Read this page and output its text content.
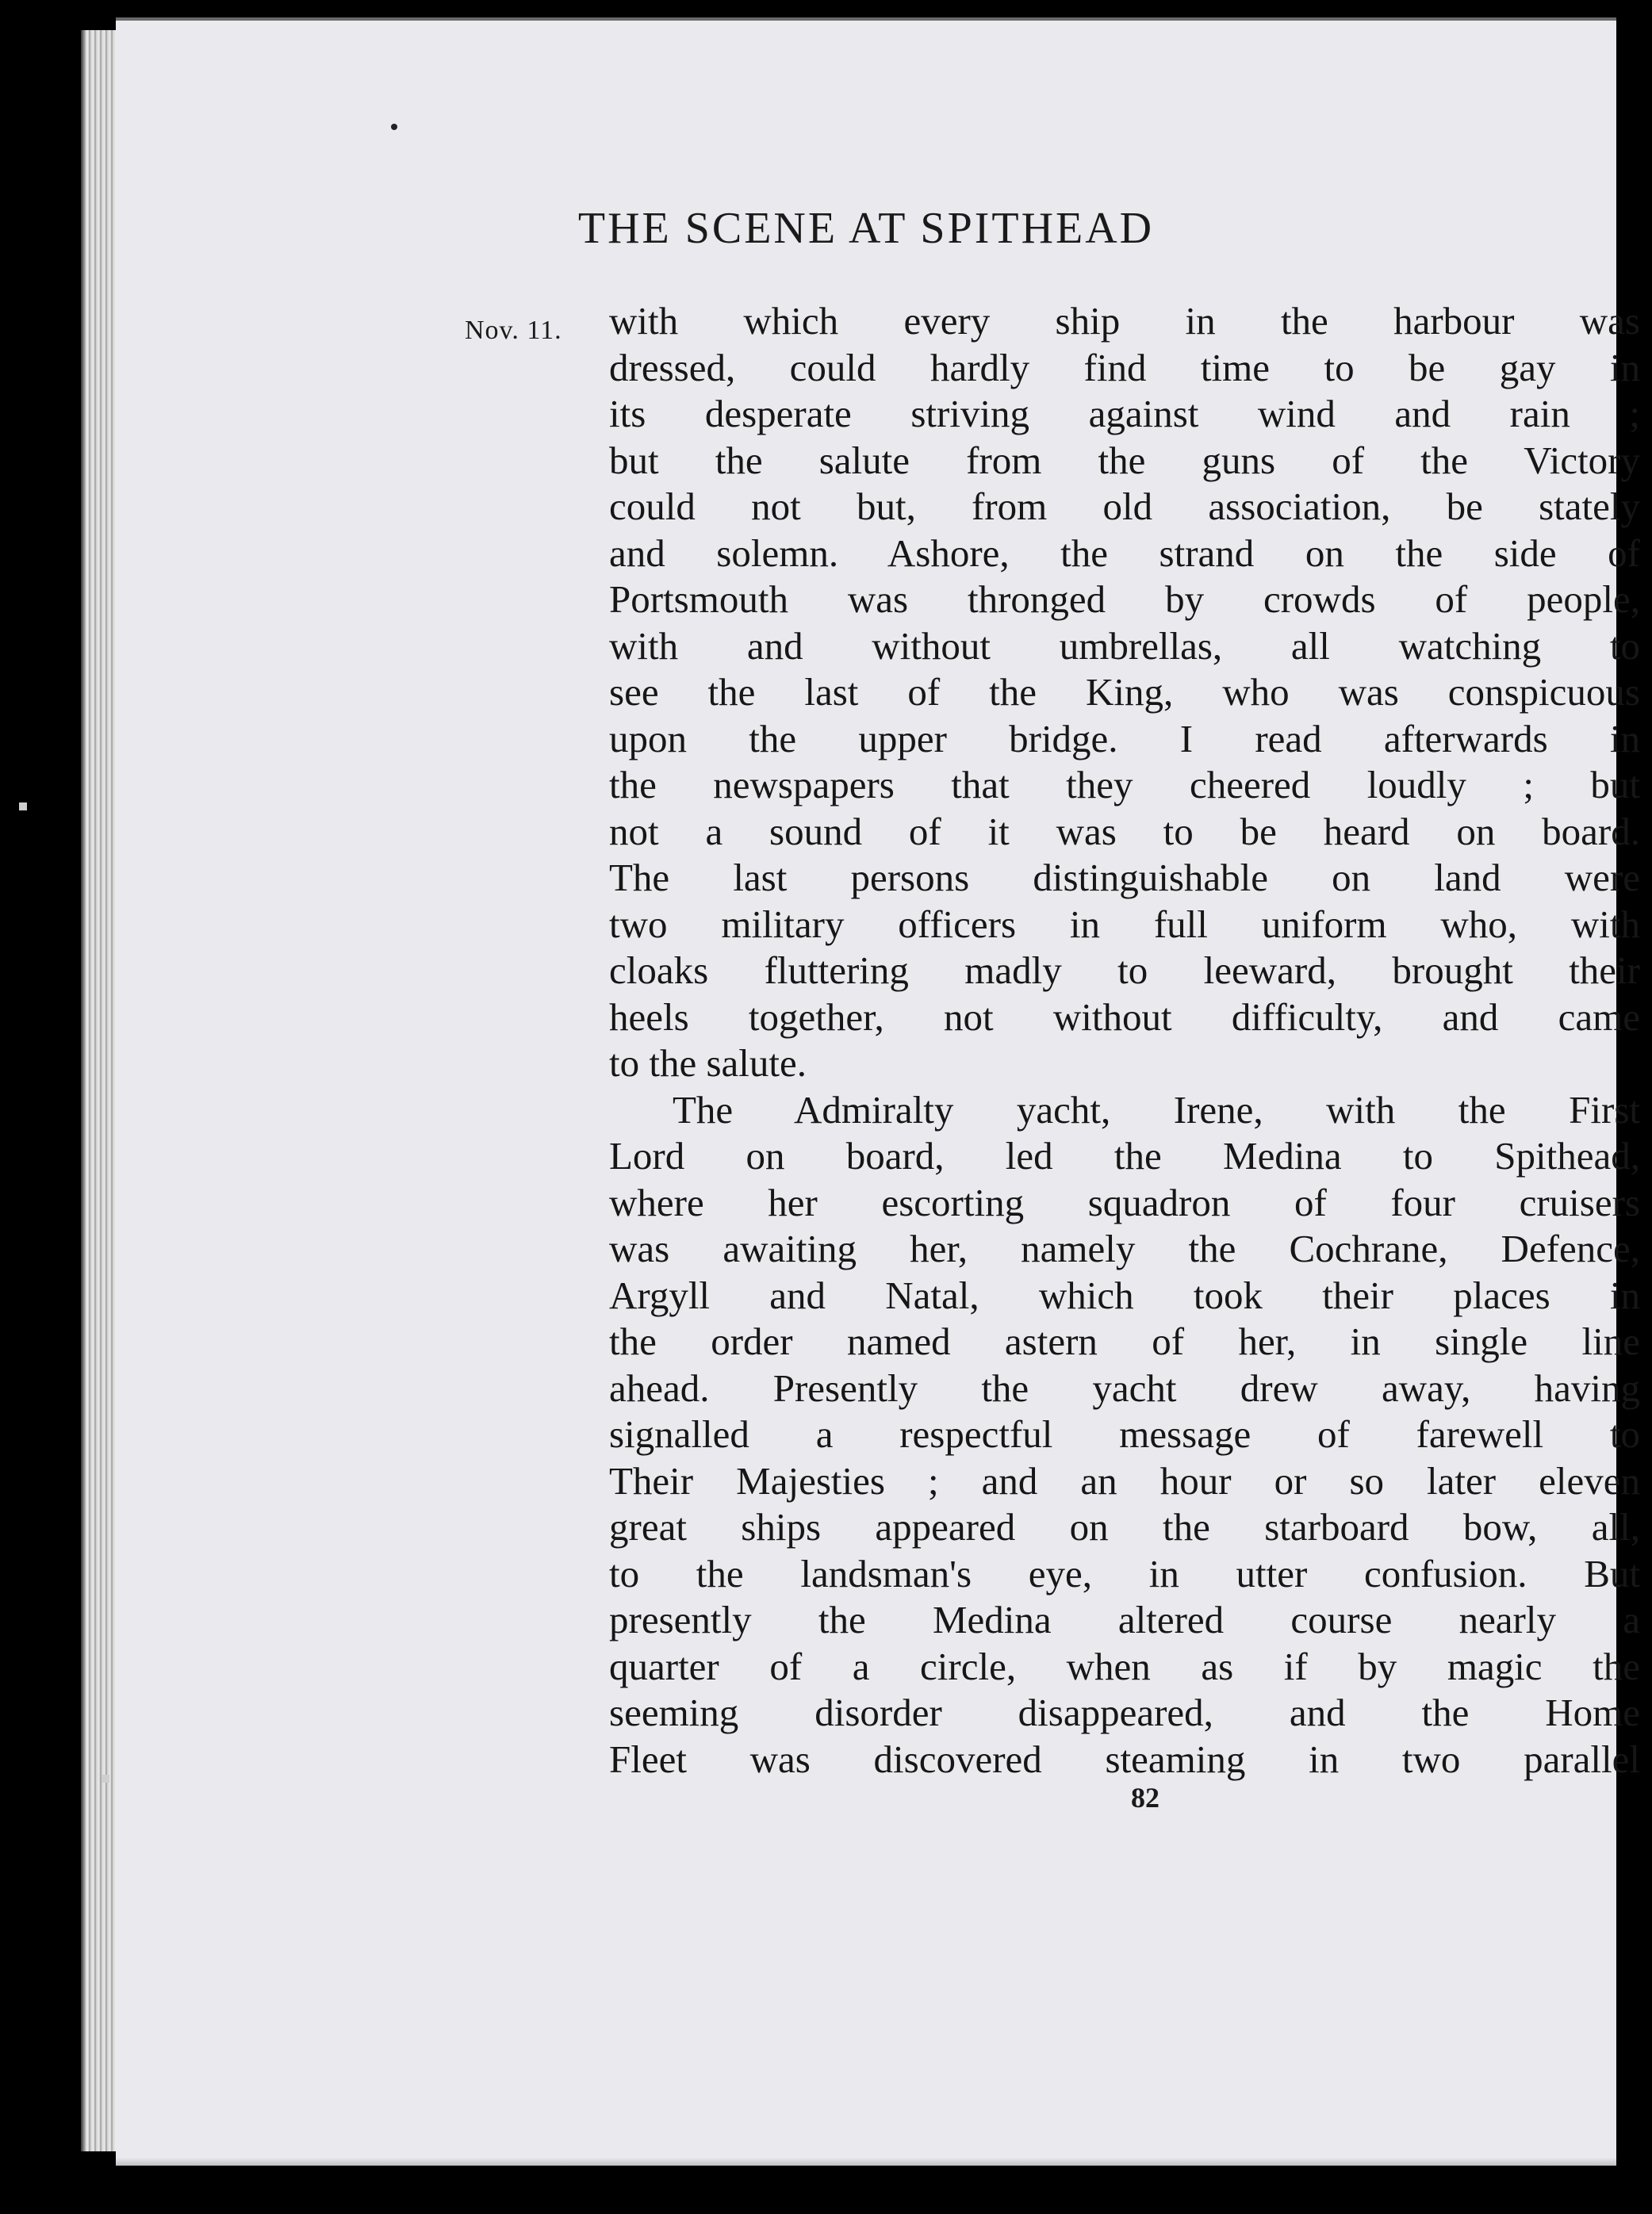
THE SCENE AT SPITHEAD
Nov. 11. with which every ship in the harbour was
dressed, could hardly find time to be gay in
its desperate striving against wind and rain ;
but the salute from the guns of the Victory
could not but, from old association, be stately
and solemn. Ashore, the strand on the side of
Portsmouth was thronged by crowds of people,
with and without umbrellas, all watching to
see the last of the King, who was conspicuous
upon the upper bridge. I read afterwards in
the newspapers that they cheered loudly ; but
not a sound of it was to be heard on board.
The last persons distinguishable on land were
two military officers in full uniform who, with
cloaks fluttering madly to leeward, brought their
heels together, not without difficulty, and came
to the salute.
The Admiralty yacht, Irene, with the First
Lord on board, led the Medina to Spithead,
where her escorting squadron of four cruisers
was awaiting her, namely the Cochrane, Defence,
Argyll and Natal, which took their places in
the order named astern of her, in single line
ahead. Presently the yacht drew away, having
signalled a respectful message of farewell to
Their Majesties ; and an hour or so later eleven
great ships appeared on the starboard bow, all,
to the landsman's eye, in utter confusion. But
presently the Medina altered course nearly a
quarter of a circle, when as if by magic the
seeming disorder disappeared, and the Home
Fleet was discovered steaming in two parallel
82
